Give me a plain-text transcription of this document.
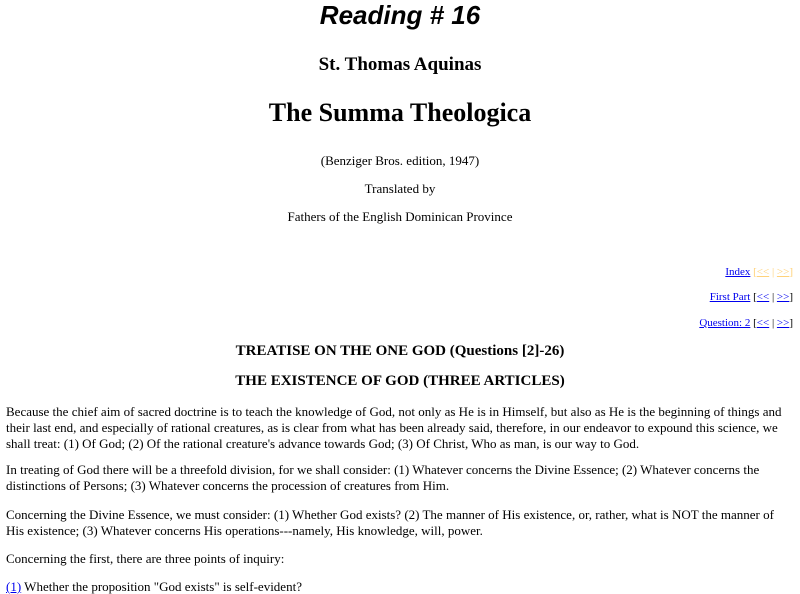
Reading # 16
St. Thomas Aquinas
The Summa Theologica
(Benziger Bros. edition, 1947)
Translated by
Fathers of the English Dominican Province
Index [<< | >>]
First Part [<< | >>]
Question: 2 [<< | >>]
TREATISE ON THE ONE GOD (Questions [2]-26)
THE EXISTENCE OF GOD (THREE ARTICLES)

Because the chief aim of sacred doctrine is to teach the knowledge of God, not only as He is in Himself, but also as He is the beginning of things and their last end, and especially of rational creatures, as is clear from what has been already said, therefore, in our endeavor to expound this science, we shall treat: (1) Of God; (2) Of the rational creature's advance towards God; (3) Of Christ, Who as man, is our way to God.

In treating of God there will be a threefold division, for we shall consider: (1) Whatever concerns the Divine Essence; (2) Whatever concerns the distinctions of Persons; (3) Whatever concerns the procession of creatures from Him.

Concerning the Divine Essence, we must consider: (1) Whether God exists? (2) The manner of His existence, or, rather, what is NOT the manner of His existence; (3) Whatever concerns His operations---namely, His knowledge, will, power.

Concerning the first, there are three points of inquiry:

(1) Whether the proposition "God exists" is self-evident?
